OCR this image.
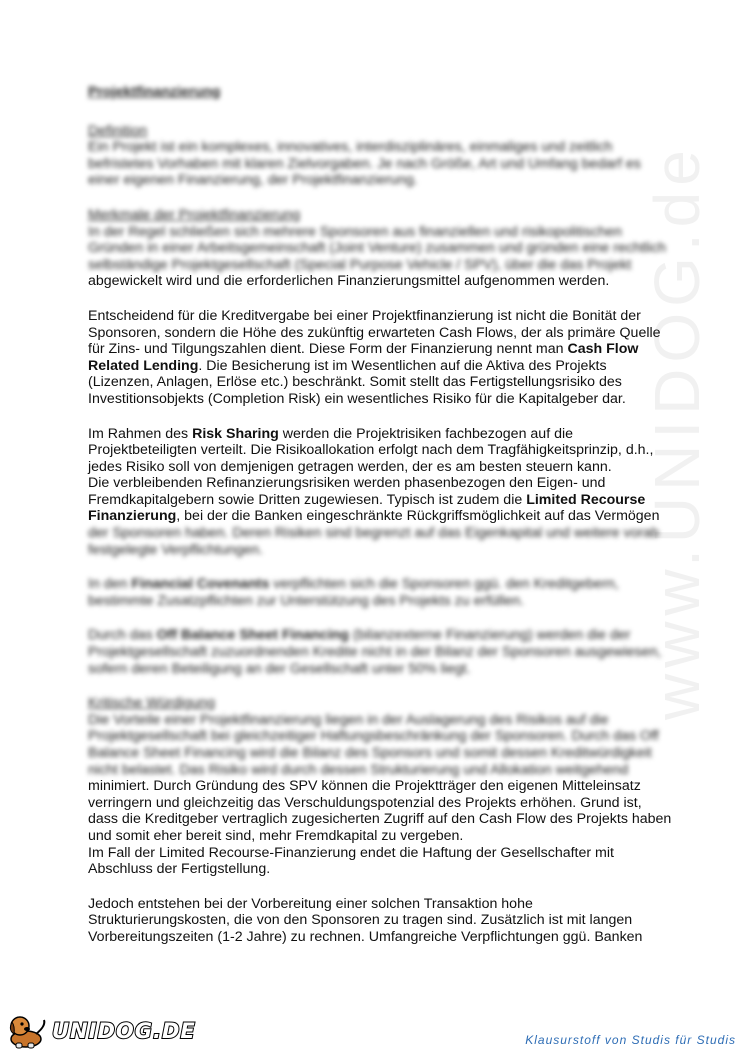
www.UNIDOG.de
Projektfinanzierung
Definition
Ein Projekt ist ein komplexes, innovatives, interdisziplinäres, einmaliges und zeitlich
befristetes Vorhaben mit klaren Zielvorgaben. Je nach Größe, Art und Umfang bedarf es
einer eigenen Finanzierung, der Projektfinanzierung.
Merkmale der Projektfinanzierung
In der Regel schließen sich mehrere Sponsoren aus finanziellen und risikopolitischen
Gründen in einer Arbeitsgemeinschaft (Joint Venture) zusammen und gründen eine rechtlich
selbständige Projektgesellschaft (Special Purpose Vehicle / SPV), über die das Projekt
abgewickelt wird und die erforderlichen Finanzierungsmittel aufgenommen werden.
Entscheidend für die Kreditvergabe bei einer Projektfinanzierung ist nicht die Bonität der
Sponsoren, sondern die Höhe des zukünftig erwarteten Cash Flows, der als primäre Quelle
für Zins- und Tilgungszahlen dient. Diese Form der Finanzierung nennt man Cash Flow
Related Lending. Die Besicherung ist im Wesentlichen auf die Aktiva des Projekts
(Lizenzen, Anlagen, Erlöse etc.) beschränkt. Somit stellt das Fertigstellungsrisiko des
Investitionsobjekts (Completion Risk) ein wesentliches Risiko für die Kapitalgeber dar.
Im Rahmen des Risk Sharing werden die Projektrisiken fachbezogen auf die
Projektbeteiligten verteilt. Die Risikoallokation erfolgt nach dem Tragfähigkeitsprinzip, d.h.,
jedes Risiko soll von demjenigen getragen werden, der es am besten steuern kann.
Die verbleibenden Refinanzierungsrisiken werden phasenbezogen den Eigen- und
Fremdkapitalgebern sowie Dritten zugewiesen. Typisch ist zudem die Limited Recourse
Finanzierung, bei der die Banken eingeschränkte Rückgriffsmöglichkeit auf das Vermögen
der Sponsoren haben. Deren Risiken sind begrenzt auf das Eigenkapital und weitere vorab
festgelegte Verpflichtungen.
In den Financial Covenants verpflichten sich die Sponsoren ggü. den Kreditgebern,
bestimmte Zusatzpflichten zur Unterstützung des Projekts zu erfüllen.
Durch das Off Balance Sheet Financing (bilanzexterne Finanzierung) werden die der
Projektgesellschaft zuzuordnenden Kredite nicht in der Bilanz der Sponsoren ausgewiesen,
sofern deren Beteiligung an der Gesellschaft unter 50% liegt.
Kritische Würdigung
Die Vorteile einer Projektfinanzierung liegen in der Auslagerung des Risikos auf die
Projektgesellschaft bei gleichzeitiger Haftungsbeschränkung der Sponsoren. Durch das Off
Balance Sheet Financing wird die Bilanz des Sponsors und somit dessen Kreditwürdigkeit
nicht belastet. Das Risiko wird durch dessen Strukturierung und Allokation weitgehend
minimiert. Durch Gründung des SPV können die Projektträger den eigenen Mitteleinsatz
verringern und gleichzeitig das Verschuldungspotenzial des Projekts erhöhen. Grund ist,
dass die Kreditgeber vertraglich zugesicherten Zugriff auf den Cash Flow des Projekts haben
und somit eher bereit sind, mehr Fremdkapital zu vergeben.
Im Fall der Limited Recourse-Finanzierung endet die Haftung der Gesellschafter mit
Abschluss der Fertigstellung.
Jedoch entstehen bei der Vorbereitung einer solchen Transaktion hohe
Strukturierungskosten, die von den Sponsoren zu tragen sind. Zusätzlich ist mit langen
Vorbereitungszeiten (1-2 Jahre) zu rechnen. Umfangreiche Verpflichtungen ggü. Banken
UNIDOG.DE	Klausurstoff von Studis für Studis
